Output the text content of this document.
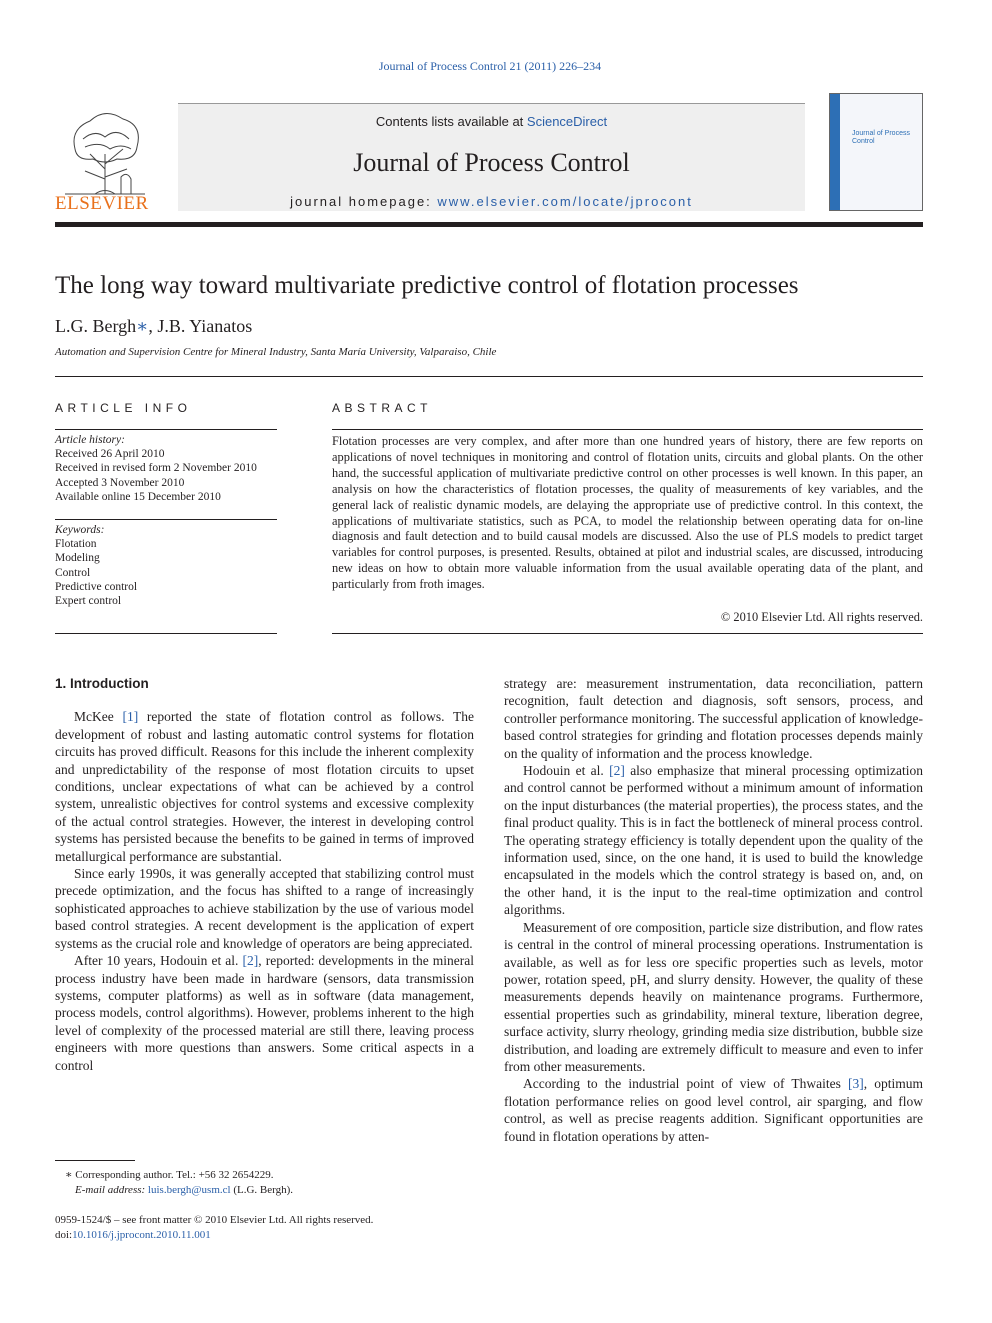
Journal of Process Control 21 (2011) 226–234
ELSEVIER
Contents lists available at ScienceDirect
Journal of Process Control
journal homepage: www.elsevier.com/locate/jprocont
Journal of Process Control
The long way toward multivariate predictive control of flotation processes
L.G. Bergh∗, J.B. Yianatos
Automation and Supervision Centre for Mineral Industry, Santa María University, Valparaiso, Chile
ARTICLE INFO	ABSTRACT
Article history:
Received 26 April 2010
Received in revised form 2 November 2010
Accepted 3 November 2010
Available online 15 December 2010
Keywords:
Flotation
Modeling
Control
Predictive control
Expert control
Flotation processes are very complex, and after more than one hundred years of history, there are few reports on applications of novel techniques in monitoring and control of flotation units, circuits and global plants. On the other hand, the successful application of multivariate predictive control on other processes is well known. In this paper, an analysis on how the characteristics of flotation processes, the quality of measurements of key variables, and the general lack of realistic dynamic models, are delaying the appropriate use of predictive control. In this context, the applications of multivariate statistics, such as PCA, to model the relationship between operating data for on-line diagnosis and fault detection and to build causal models are discussed. Also the use of PLS models to predict target variables for control purposes, is presented. Results, obtained at pilot and industrial scales, are discussed, introducing new ideas on how to obtain more valuable information from the usual available operating data of the plant, and particularly from froth images.
© 2010 Elsevier Ltd. All rights reserved.
1. Introduction

McKee [1] reported the state of flotation control as follows. The development of robust and lasting automatic control systems for flotation circuits has proved difficult. Reasons for this include the inherent complexity and unpredictability of the response of most flotation circuits to upset conditions, unclear expectations of what can be achieved by a control system, unrealistic objectives for control systems and excessive complexity of the actual control strategies. However, the interest in developing control systems has persisted because the benefits to be gained in terms of improved metallurgical performance are substantial.

Since early 1990s, it was generally accepted that stabilizing control must precede optimization, and the focus has shifted to a range of increasingly sophisticated approaches to achieve stabilization by the use of various model based control strategies. A recent development is the application of expert systems as the crucial role and knowledge of operators are being appreciated.

After 10 years, Hodouin et al. [2], reported: developments in the mineral process industry have been made in hardware (sensors, data transmission systems, computer platforms) as well as in software (data management, process models, control algorithms). However, problems inherent to the high level of complexity of the processed material are still there, leaving process engineers with more questions than answers. Some critical aspects in a control

strategy are: measurement instrumentation, data reconciliation, pattern recognition, fault detection and diagnosis, soft sensors, process, and controller performance monitoring. The successful application of knowledge-based control strategies for grinding and flotation processes depends mainly on the quality of information and the process knowledge.

Hodouin et al. [2] also emphasize that mineral processing optimization and control cannot be performed without a minimum amount of information on the input disturbances (the material properties), the process states, and the final product quality. This is in fact the bottleneck of mineral process control. The operating strategy efficiency is totally dependent upon the quality of the information used, since, on the one hand, it is used to build the knowledge encapsulated in the models which the control strategy is based on, and, on the other hand, it is the input to the real-time optimization and control algorithms.

Measurement of ore composition, particle size distribution, and flow rates is central in the control of mineral processing operations. Instrumentation is available, as well as for less ore specific properties such as levels, motor power, rotation speed, pH, and slurry density. However, the quality of these measurements depends heavily on maintenance programs. Furthermore, essential properties such as grindability, mineral texture, liberation degree, surface activity, slurry rheology, grinding media size distribution, bubble size distribution, and loading are extremely difficult to measure and even to infer from other measurements.

According to the industrial point of view of Thwaites [3], optimum flotation performance relies on good level control, air sparging, and flow control, as well as precise reagents addition. Significant opportunities are found in flotation operations by atten-

∗ Corresponding author. Tel.: +56 32 2654229.
E-mail address: luis.bergh@usm.cl (L.G. Bergh).
0959-1524/$ – see front matter © 2010 Elsevier Ltd. All rights reserved.
doi:10.1016/j.jprocont.2010.11.001
